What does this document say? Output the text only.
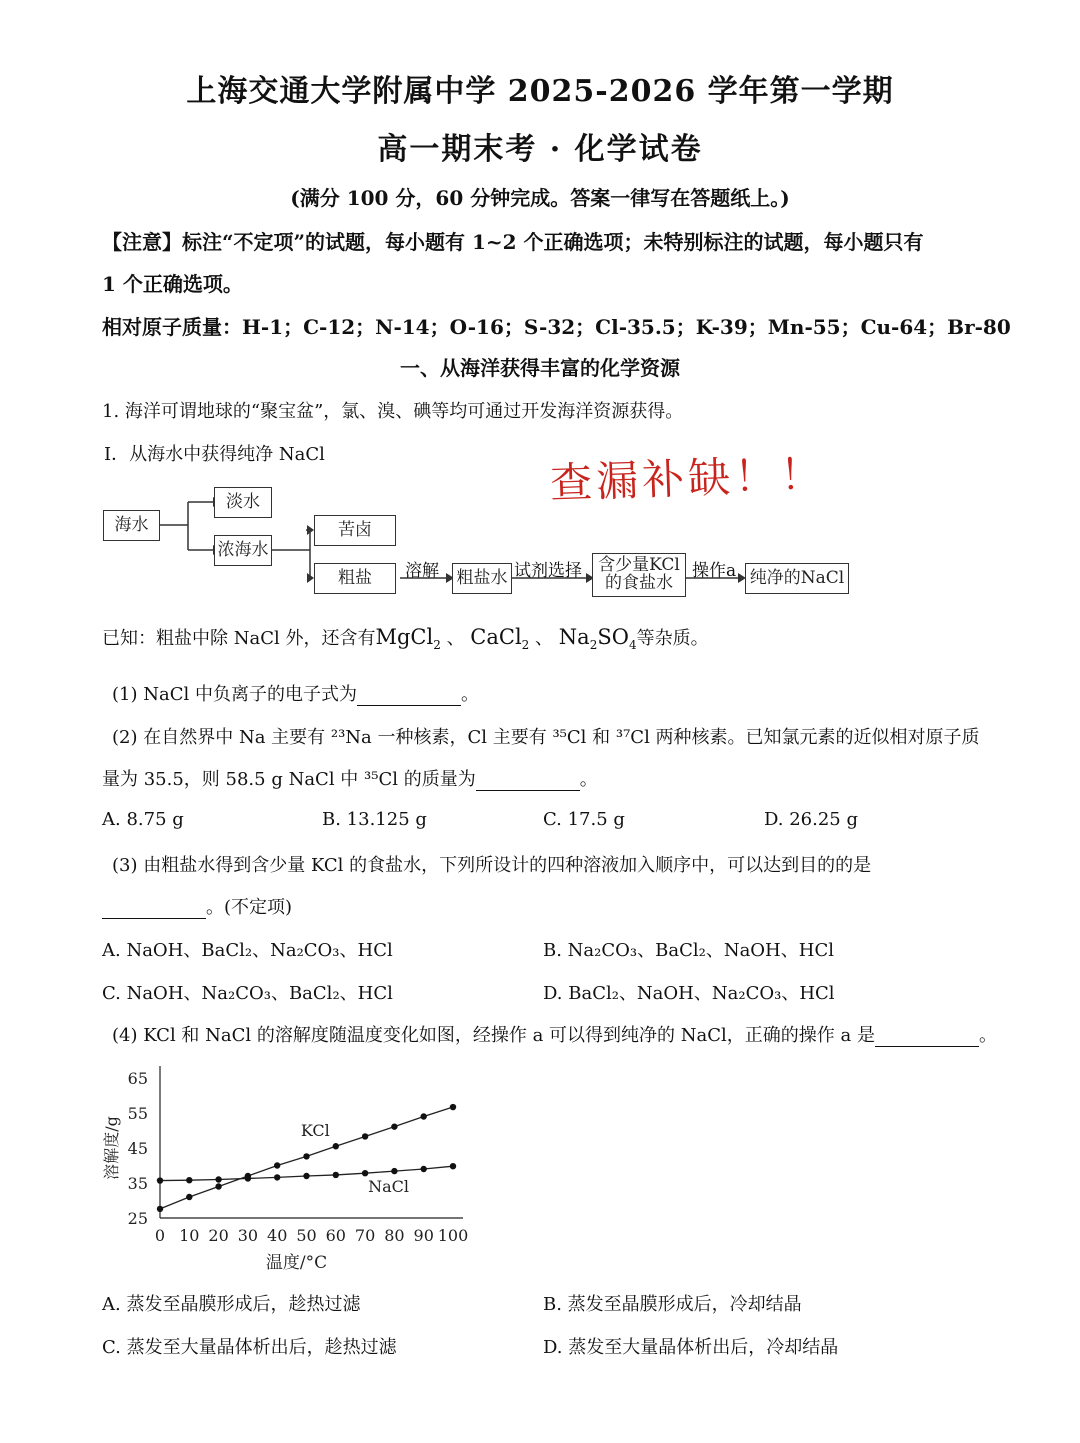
上海交通大学附属中学 2025-2026 学年第一学期
高一期末考 · 化学试卷
(满分 100 分，60 分钟完成。答案一律写在答题纸上。)
【注意】标注“不定项”的试题，每小题有 1~2 个正确选项；未特别标注的试题，每小题只有
1 个正确选项。
相对原子质量：H-1；C-12；N-14；O-16；S-32；Cl-35.5；K-39；Mn-55；Cu-64；Br-80
一、从海洋获得丰富的化学资源
1. 海洋可谓地球的“聚宝盆”，氯、溴、碘等均可通过开发海洋资源获得。
Ⅰ．从海水中获得纯净 NaCl	查漏补缺！！
海水
淡水
浓海水
苦卤
粗盐	溶解 粗盐水 试剂选择 含少量KCl
的食盐水
操作a 纯净的NaCl
已知：粗盐中除 NaCl 外，还含有MgCl$_2$ 、 CaCl$_2$ 、 $Na_2SO_4$等杂质。
(1) NaCl 中负离子的电子式为	。
(2) 在自然界中 Na 主要有 ²³Na 一种核素，Cl 主要有 ³⁵Cl 和 ³⁷Cl 两种核素。已知氯元素的近似相对原子质
量为 35.5，则 58.5 g NaCl 中 ³⁵Cl 的质量为	。
A. 8.75 g	B. 13.125 g	C. 17.5 g	D. 26.25 g
(3) 由粗盐水得到含少量 KCl 的食盐水，下列所设计的四种溶液加入顺序中，可以达到目的的是
。(不定项)
A. NaOH、BaCl₂、Na₂CO₃、HCl	B. Na₂CO₃、BaCl₂、NaOH、HCl
C. NaOH、Na₂CO₃、BaCl₂、HCl	D. BaCl₂、NaOH、Na₂CO₃、HCl
(4) KCl 和 NaCl 的溶解度随温度变化如图，经操作 a 可以得到纯净的 NaCl，正确的操作 a 是	。
0 10 20 30 40 50 60 70 80 90 100
25
35
45
55
65
温度/°C
溶解度/g	KCl
NaCl
A. 蒸发至晶膜形成后，趁热过滤	B. 蒸发至晶膜形成后，冷却结晶
C. 蒸发至大量晶体析出后，趁热过滤	D. 蒸发至大量晶体析出后，冷却结晶
